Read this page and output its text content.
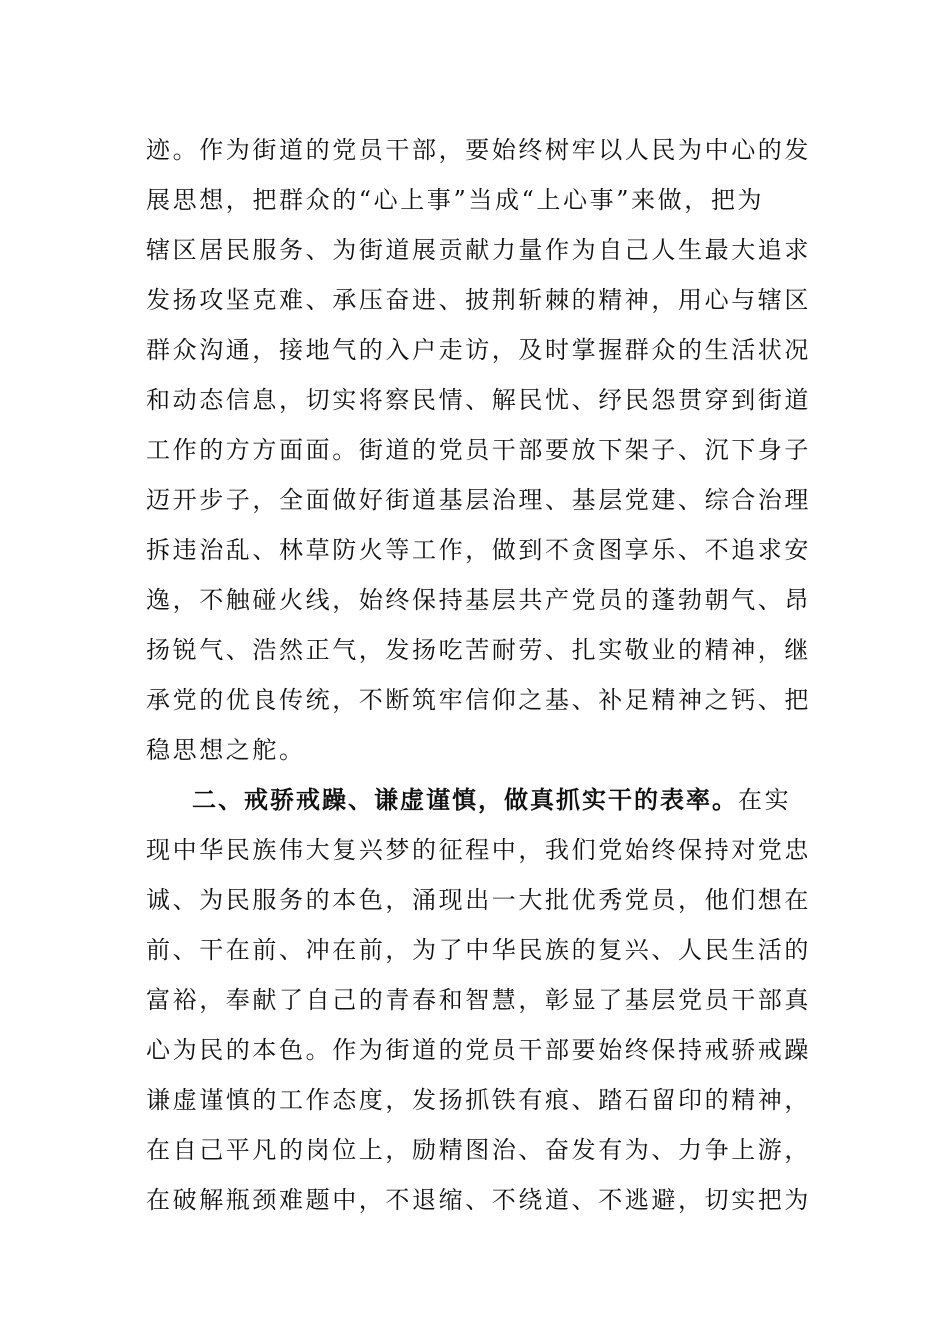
迹。作为街道的党员干部，要始终树牢以人民为中心的发
展思想，把群众的“心上事”当成“上心事”来做，把为
辖区居民服务、为街道展贡献力量作为自己人生最大追求
发扬攻坚克难、承压奋进、披荆斩棘的精神，用心与辖区
群众沟通，接地气的入户走访，及时掌握群众的生活状况
和动态信息，切实将察民情、解民忧、纾民怨贯穿到街道
工作的方方面面。街道的党员干部要放下架子、沉下身子
迈开步子，全面做好街道基层治理、基层党建、综合治理
拆违治乱、林草防火等工作，做到不贪图享乐、不追求安
逸，不触碰火线，始终保持基层共产党员的蓬勃朝气、昂
扬锐气、浩然正气，发扬吃苦耐劳、扎实敬业的精神，继
承党的优良传统，不断筑牢信仰之基、补足精神之钙、把
稳思想之舵。
二、戒骄戒躁、谦虚谨慎，做真抓实干的表率。在实
现中华民族伟大复兴梦的征程中，我们党始终保持对党忠
诚、为民服务的本色，涌现出一大批优秀党员，他们想在
前、干在前、冲在前，为了中华民族的复兴、人民生活的
富裕，奉献了自己的青春和智慧，彰显了基层党员干部真
心为民的本色。作为街道的党员干部要始终保持戒骄戒躁
谦虚谨慎的工作态度，发扬抓铁有痕、踏石留印的精神，
在自己平凡的岗位上，励精图治、奋发有为、力争上游，
在破解瓶颈难题中，不退缩、不绕道、不逃避，切实把为
